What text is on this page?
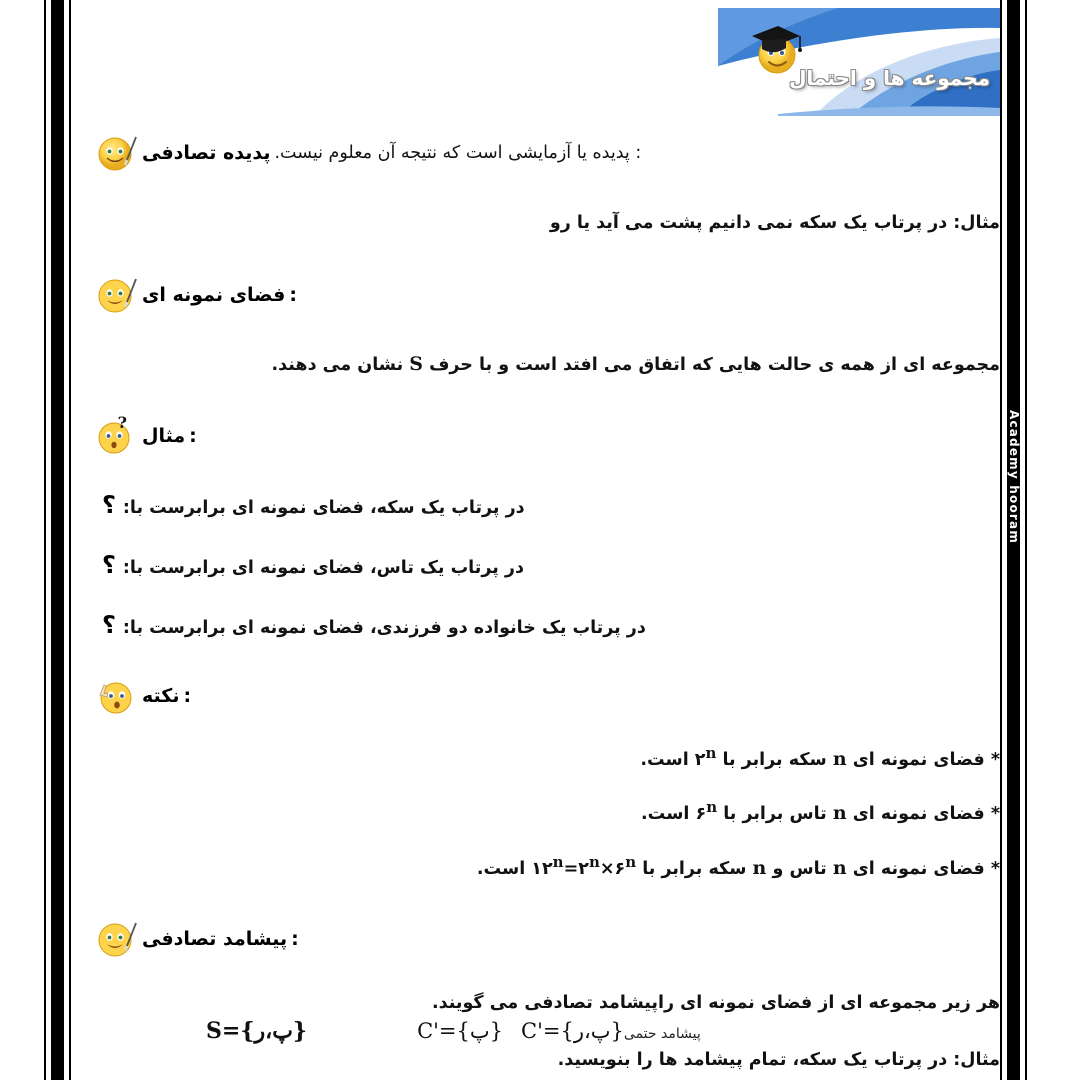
Academy hooram
مجموعه ها و احتمال
پدیده تصادفی	: پدیده یا آزمایشی است که نتیجه آن معلوم نیست.
مثال: در پرتاب یک سکه نمی دانیم پشت می آید یا رو
فضای نمونه ای :
مجموعه ای از همه ی حالت هایی که اتفاق می افتد است و با حرف S نشان می دهند.
?
مثال :
؟ در پرتاب یک سکه، فضای نمونه ای برابرست با:
؟ در پرتاب یک تاس، فضای نمونه ای برابرست با:
؟ در پرتاب یک خانواده دو فرزندی، فضای نمونه ای برابرست با:
نکته :
* فضای نمونه ای n سکه برابر با ۲$^n$ است.
* فضای نمونه ای n تاس برابر با ۶$^n$ است.
* فضای نمونه ای n تاس و n سکه برابر با $۱۲^n=۲^n\times ۶^n$ است.
پیشامد تصادفی :
هر زیر مجموعه ای از فضای نمونه ای راپیشامد تصادفی می گویند.
مثال: در پرتاب یک سکه، تمام پیشامد ها را بنویسید.
S={پ،ر}	C'={پ} C'={پ،ر} پیشامد حتمی
